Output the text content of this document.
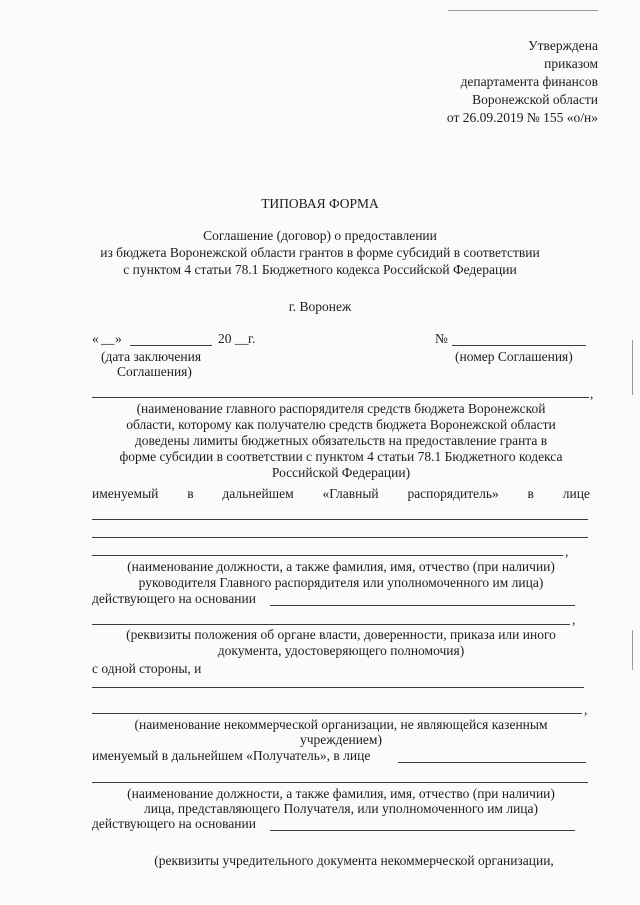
Утверждена
приказом
департамента финансов
Воронежской области
от 26.09.2019 № 155 «о/н»
ТИПОВАЯ ФОРМА
Соглашение (договор) о предоставлении
из бюджета Воронежской области грантов в форме субсидий в соответствии
с пунктом 4 статьи 78.1 Бюджетного кодекса Российской Федерации
г. Воронеж
« __ »	20 __ г.
(дата заключения
Соглашения)
№
(номер Соглашения)
,
(наименование главного распорядителя средств бюджета Воронежской
области, которому как получателю средств бюджета Воронежской области
доведены лимиты бюджетных обязательств на предоставление гранта в
форме субсидии в соответствии с пунктом 4 статьи 78.1 Бюджетного кодекса
Российской Федерации)
именуемый в дальнейшем «Главный распорядитель» в лице
,
(наименование должности, а также фамилия, имя, отчество (при наличии)
руководителя Главного распорядителя или уполномоченного им лица)
действующего на основании
,
(реквизиты положения об органе власти, доверенности, приказа или иного
документа, удостоверяющего полномочия)
с одной стороны, и
,
(наименование некоммерческой организации, не являющейся казенным
учреждением)
именуемый в дальнейшем «Получатель», в лице
(наименование должности, а также фамилия, имя, отчество (при наличии)
лица, представляющего Получателя, или уполномоченного им лица)
действующего на основании
(реквизиты учредительного документа некоммерческой организации,
